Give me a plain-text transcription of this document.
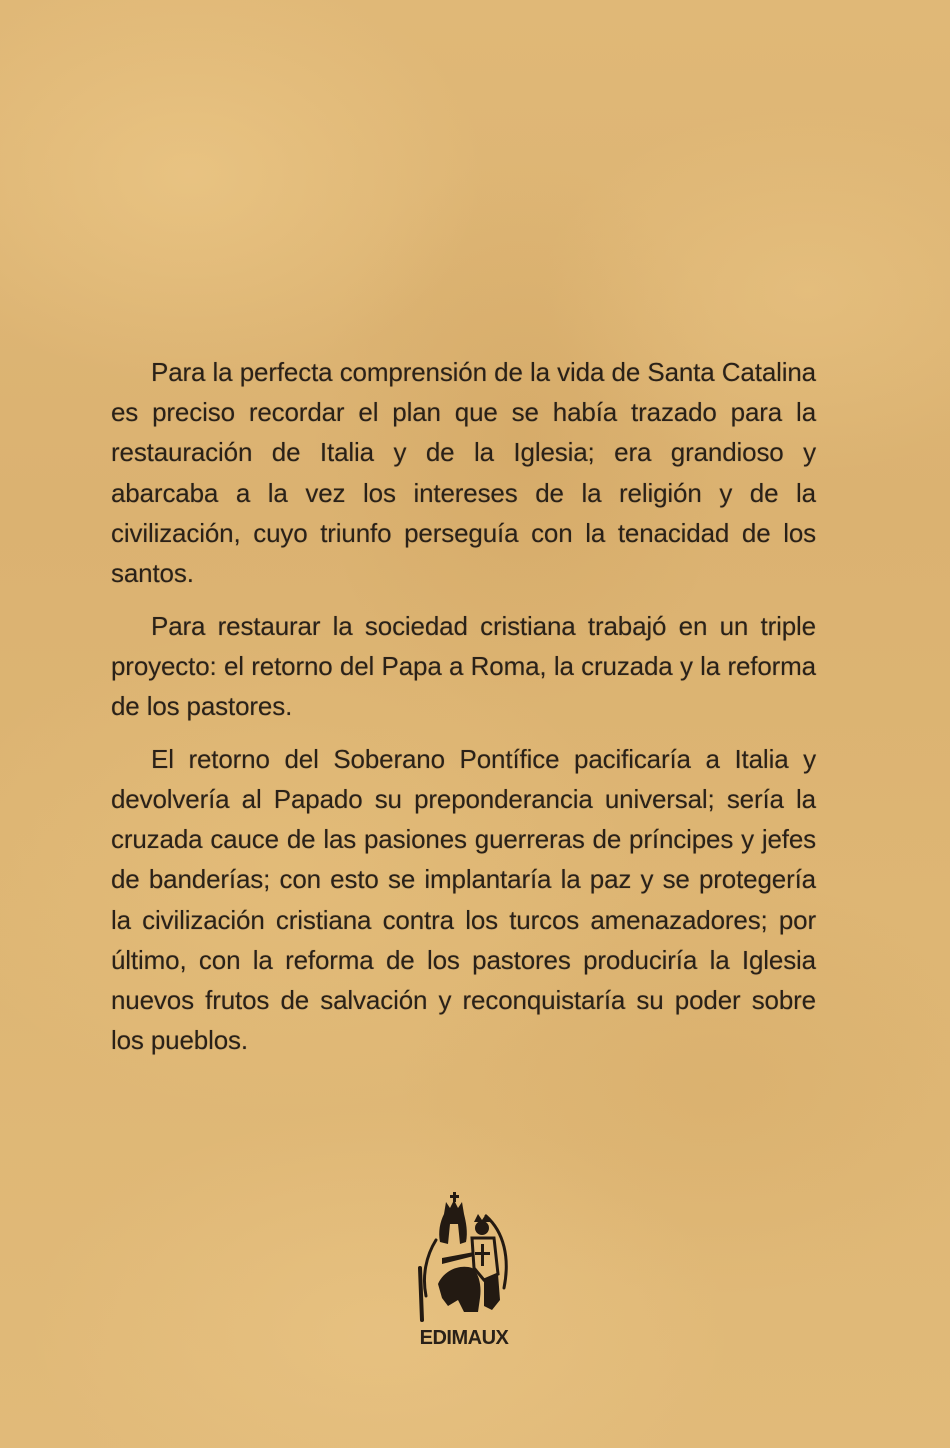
Para la perfecta comprensión de la vida de Santa Catalina es preciso recordar el plan que se había trazado para la restauración de Italia y de la Iglesia; era grandioso y abarcaba a la vez los intereses de la religión y de la civilización, cuyo triunfo perseguía con la tenacidad de los santos.

Para restaurar la sociedad cristiana trabajó en un triple proyecto: el retorno del Papa a Roma, la cruzada y la reforma de los pastores.

El retorno del Soberano Pontífice pacificaría a Italia y devolvería al Papado su preponderancia universal; sería la cruzada cauce de las pasiones guerreras de príncipes y jefes de banderías; con esto se implantaría la paz y se protegería la civilización cristiana contra los turcos amenazadores; por último, con la reforma de los pastores produciría la Iglesia nuevos frutos de salvación y reconquistaría su poder sobre los pueblos.

EDIMAUX
